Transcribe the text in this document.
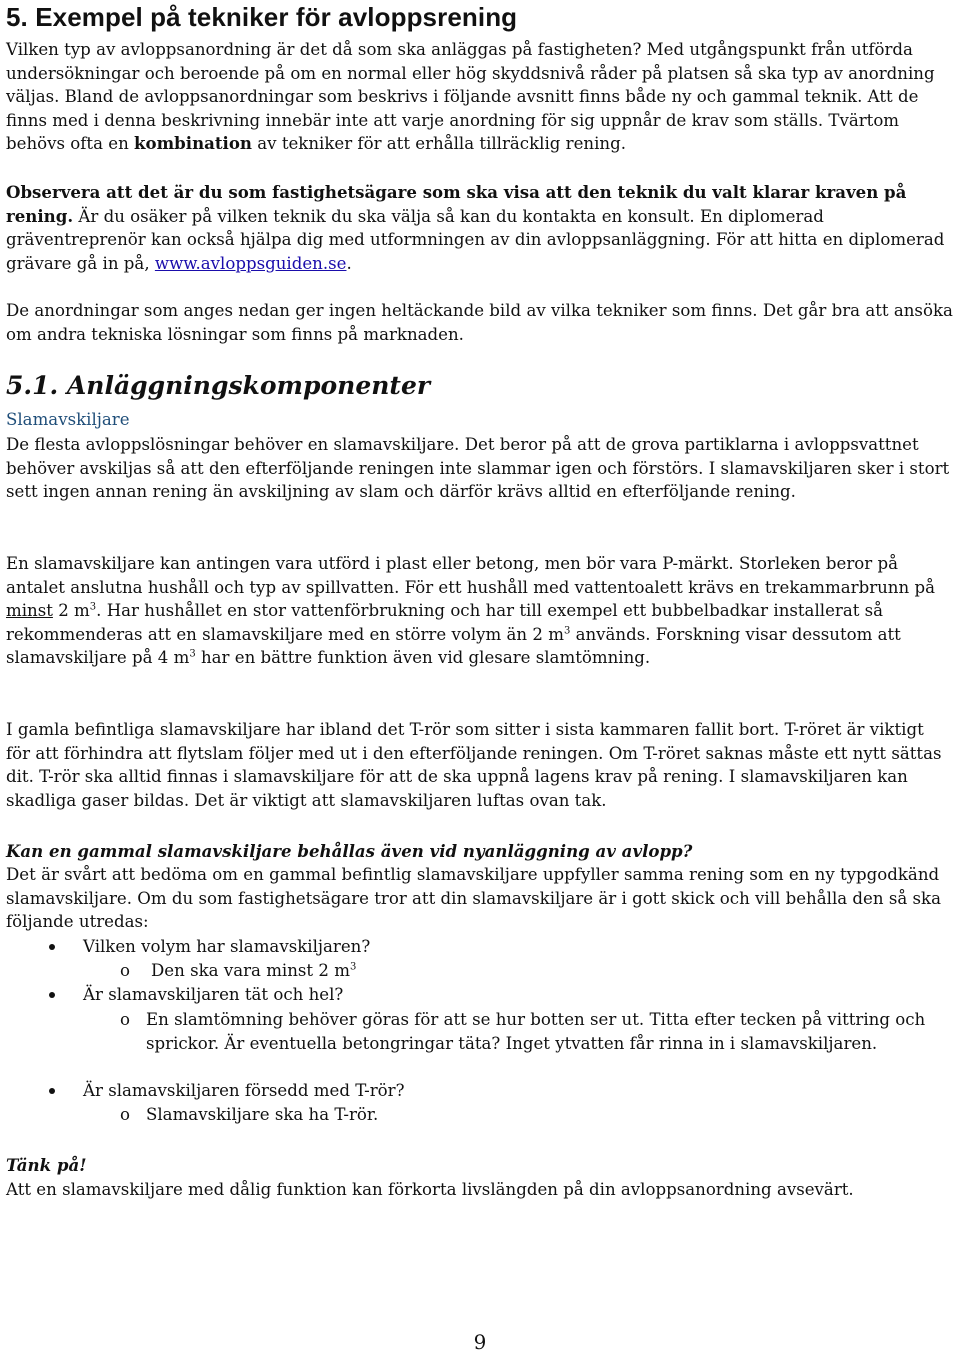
5. Exempel på tekniker för avloppsrening

Vilken typ av avloppsanordning är det då som ska anläggas på fastigheten? Med utgångspunkt från utförda undersökningar och beroende på om en normal eller hög skyddsnivå råder på platsen så ska typ av anordning väljas. Bland de avloppsanordningar som beskrivs i följande avsnitt finns både ny och gammal teknik. Att de finns med i denna beskrivning innebär inte att varje anordning för sig uppnår de krav som ställs. Tvärtom behövs ofta en kombination av tekniker för att erhålla tillräcklig rening.

Observera att det är du som fastighetsägare som ska visa att den teknik du valt klarar kraven på rening. Är du osäker på vilken teknik du ska välja så kan du kontakta en konsult. En diplomerad gräventreprenör kan också hjälpa dig med utformningen av din avloppsanläggning. För att hitta en diplomerad grävare gå in på, www.avloppsguiden.se.

De anordningar som anges nedan ger ingen heltäckande bild av vilka tekniker som finns. Det går bra att ansöka om andra tekniska lösningar som finns på marknaden.

5.1. Anläggningskomponenter
Slamavskiljare

De flesta avloppslösningar behöver en slamavskiljare. Det beror på att de grova partiklarna i avloppsvattnet behöver avskiljas så att den efterföljande reningen inte slammar igen och förstörs. I slamavskiljaren sker i stort sett ingen annan rening än avskiljning av slam och därför krävs alltid en efterföljande rening.

En slamavskiljare kan antingen vara utförd i plast eller betong, men bör vara P-märkt. Storleken beror på antalet anslutna hushåll och typ av spillvatten. För ett hushåll med vattentoalett krävs en trekammarbrunn på minst 2 $m^3$. Har hushållet en stor vattenförbrukning och har till exempel ett bubbelbadkar installerat så rekommenderas att en slamavskiljare med en större volym än 2 $m^3$ används. Forskning visar dessutom att slamavskiljare på 4 $m^3$ har en bättre funktion även vid glesare slamtömning.

I gamla befintliga slamavskiljare har ibland det T-rör som sitter i sista kammaren fallit bort. T-röret är viktigt för att förhindra att flytslam följer med ut i den efterföljande reningen. Om T-röret saknas måste ett nytt sättas dit. T-rör ska alltid finnas i slamavskiljare för att de ska uppnå lagens krav på rening. I slamavskiljaren kan skadliga gaser bildas. Det är viktigt att slamavskiljaren luftas ovan tak.

Kan en gammal slamavskiljare behållas även vid nyanläggning av avlopp?

Det är svårt att bedöma om en gammal befintlig slamavskiljare uppfyller samma rening som en ny typgodkänd slamavskiljare. Om du som fastighetsägare tror att din slamavskiljare är i gott skick och vill behålla den så ska följande utredas:

Vilken volym har slamavskiljaren?
o Den ska vara minst 2 $m^3$
Är slamavskiljaren tät och hel?
o En slamtömning behöver göras för att se hur botten ser ut. Titta efter tecken på vittring och sprickor. Är eventuella betongringar täta? Inget ytvatten får rinna in i slamavskiljaren.
Är slamavskiljaren försedd med T-rör?
o Slamavskiljare ska ha T-rör.
Tänk på!

Att en slamavskiljare med dålig funktion kan förkorta livslängden på din avloppsanordning avsevärt.

9
